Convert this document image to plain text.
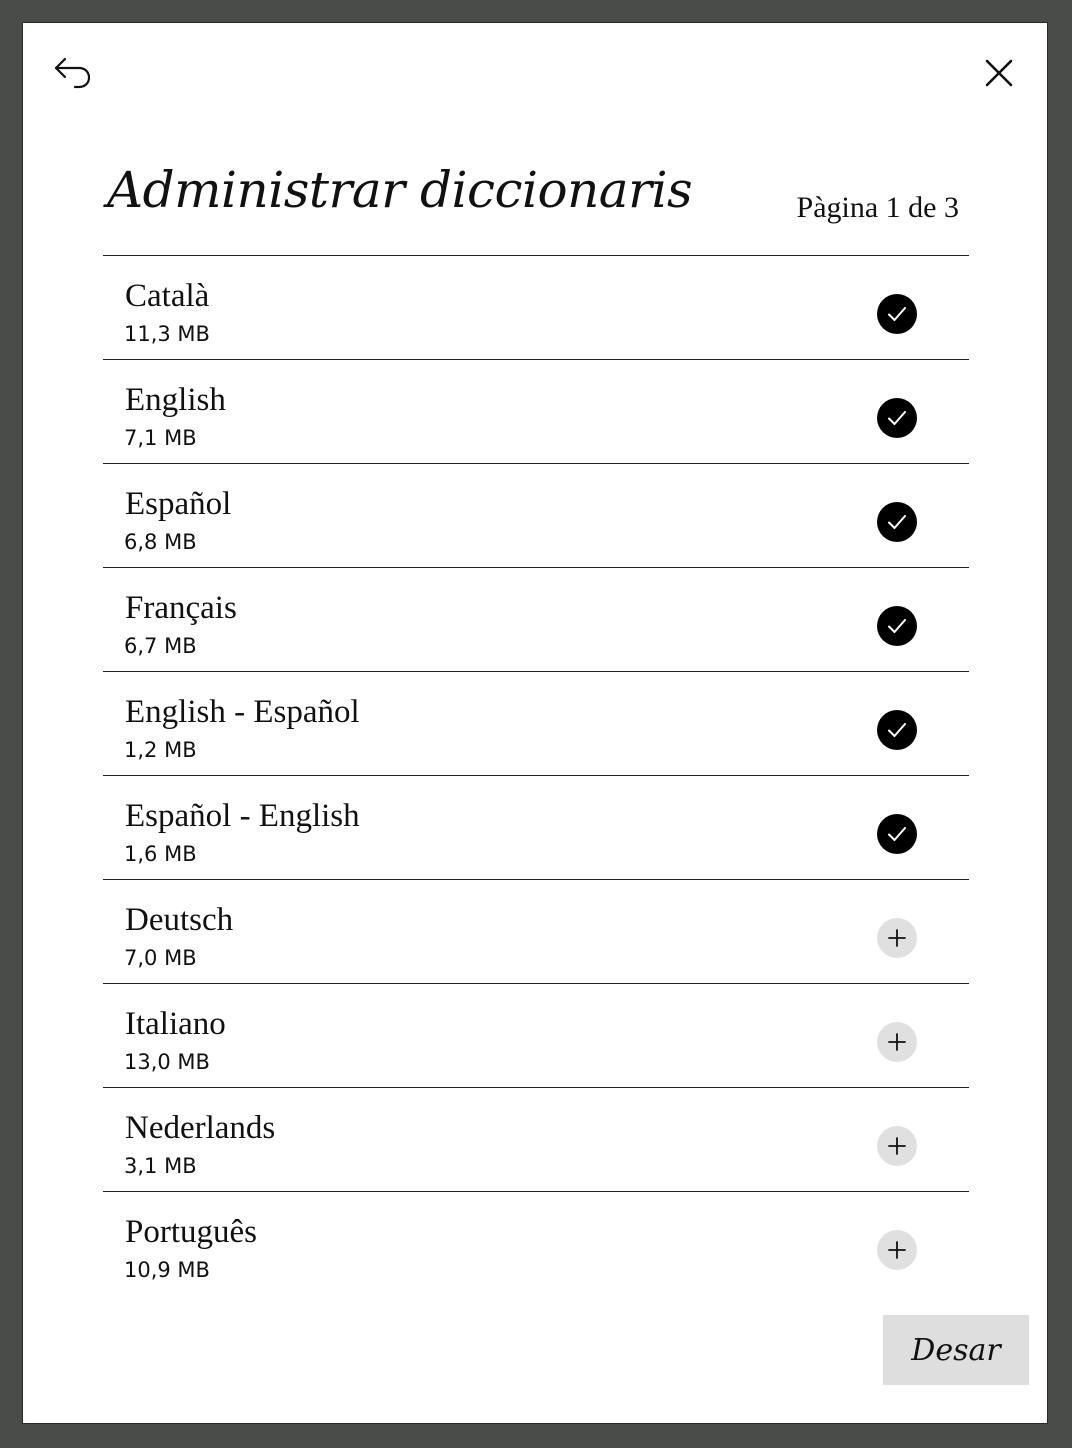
Administrar diccionaris	Pàgina 1 de 3
Català
11,3 MB
English
7,1 MB
Español
6,8 MB
Français
6,7 MB
English - Español
1,2 MB
Español - English
1,6 MB
Deutsch
7,0 MB
Italiano
13,0 MB
Nederlands
3,1 MB
Português
10,9 MB
Desar
